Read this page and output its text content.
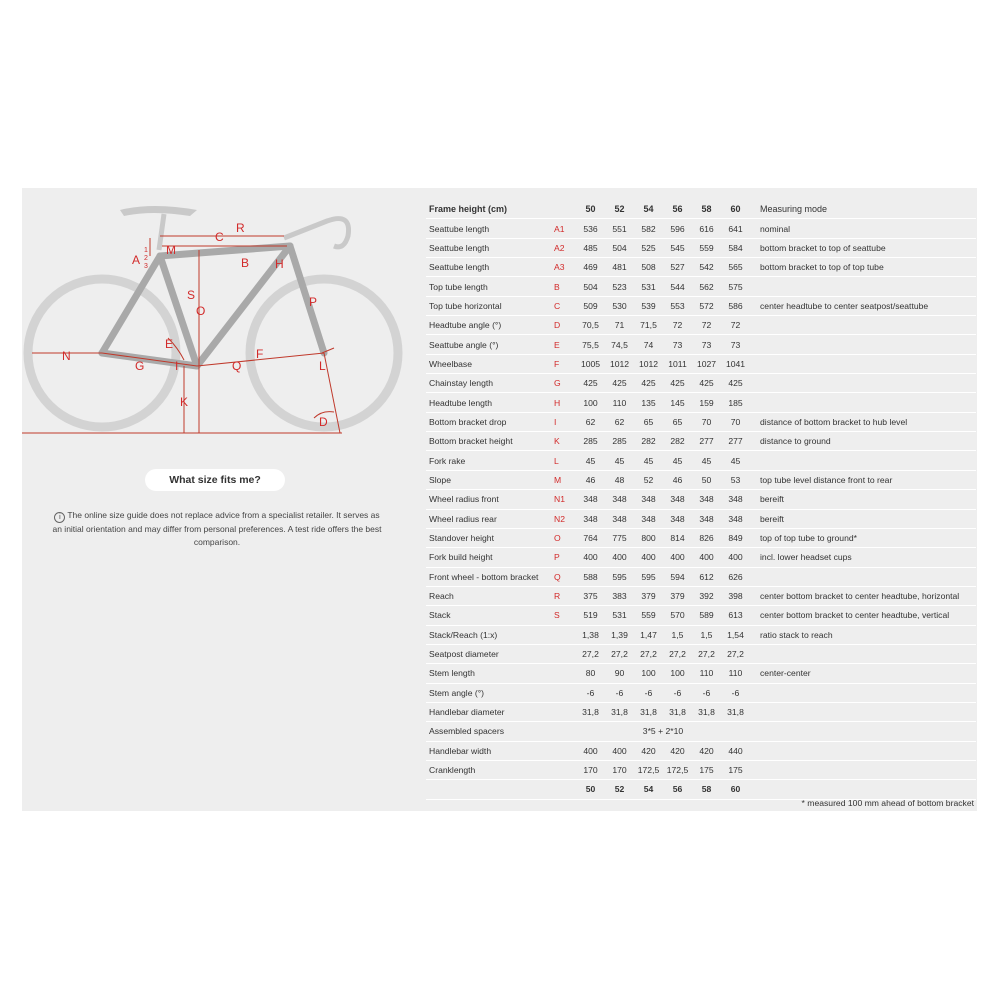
A
1
2
3
M
C
R
B H
S
O
P
E
N
G	I	Q
F
L
K
D
What size fits me?
i The online size guide does not replace advice from a specialist retailer. It serves as an initial orientation and may differ from personal preferences. A test ride offers the best comparison.
Frame height (cm)		50	52	54	56	58	60	Measuring mode
Seattube length	A1	536	551	582	596	616	641	nominal
Seattube length	A2	485	504	525	545	559	584	bottom bracket to top of seattube
Seattube length	A3	469	481	508	527	542	565	bottom bracket to top of top tube
Top tube length	B	504	523	531	544	562	575	
Top tube horizontal	C	509	530	539	553	572	586	center headtube to center seatpost/seattube
Headtube angle (°)	D	70,5	71	71,5	72	72	72	
Seattube angle (°)	E	75,5	74,5	74	73	73	73	
Wheelbase	F	1005	1012	1012	1011	1027	1041	
Chainstay length	G	425	425	425	425	425	425	
Headtube length	H	100	110	135	145	159	185	
Bottom bracket drop	I	62	62	65	65	70	70	distance of bottom bracket to hub level
Bottom bracket height	K	285	285	282	282	277	277	distance to ground
Fork rake	L	45	45	45	45	45	45	
Slope	M	46	48	52	46	50	53	top tube level distance front to rear
Wheel radius front	N1	348	348	348	348	348	348	bereift
Wheel radius rear	N2	348	348	348	348	348	348	bereift
Standover height	O	764	775	800	814	826	849	top of top tube to ground*
Fork build height	P	400	400	400	400	400	400	incl. lower headset cups
Front wheel - bottom bracket	Q	588	595	595	594	612	626	
Reach	R	375	383	379	379	392	398	center bottom bracket to center headtube, horizontal
Stack	S	519	531	559	570	589	613	center bottom bracket to center headtube, vertical
Stack/Reach (1:x)		1,38	1,39	1,47	1,5	1,5	1,54	ratio stack to reach
Seatpost diameter		27,2	27,2	27,2	27,2	27,2	27,2	
Stem length		80	90	100	100	110	110	center-center
Stem angle (°)		-6	-6	-6	-6	-6	-6	
Handlebar diameter		31,8	31,8	31,8	31,8	31,8	31,8	
Assembled spacers		3*5 + 2*10						
Handlebar width		400	400	420	420	420	440	
Cranklength		170	170	172,5	172,5	175	175	
		50	52	54	56	58	60	
* measured 100 mm ahead of bottom bracket
